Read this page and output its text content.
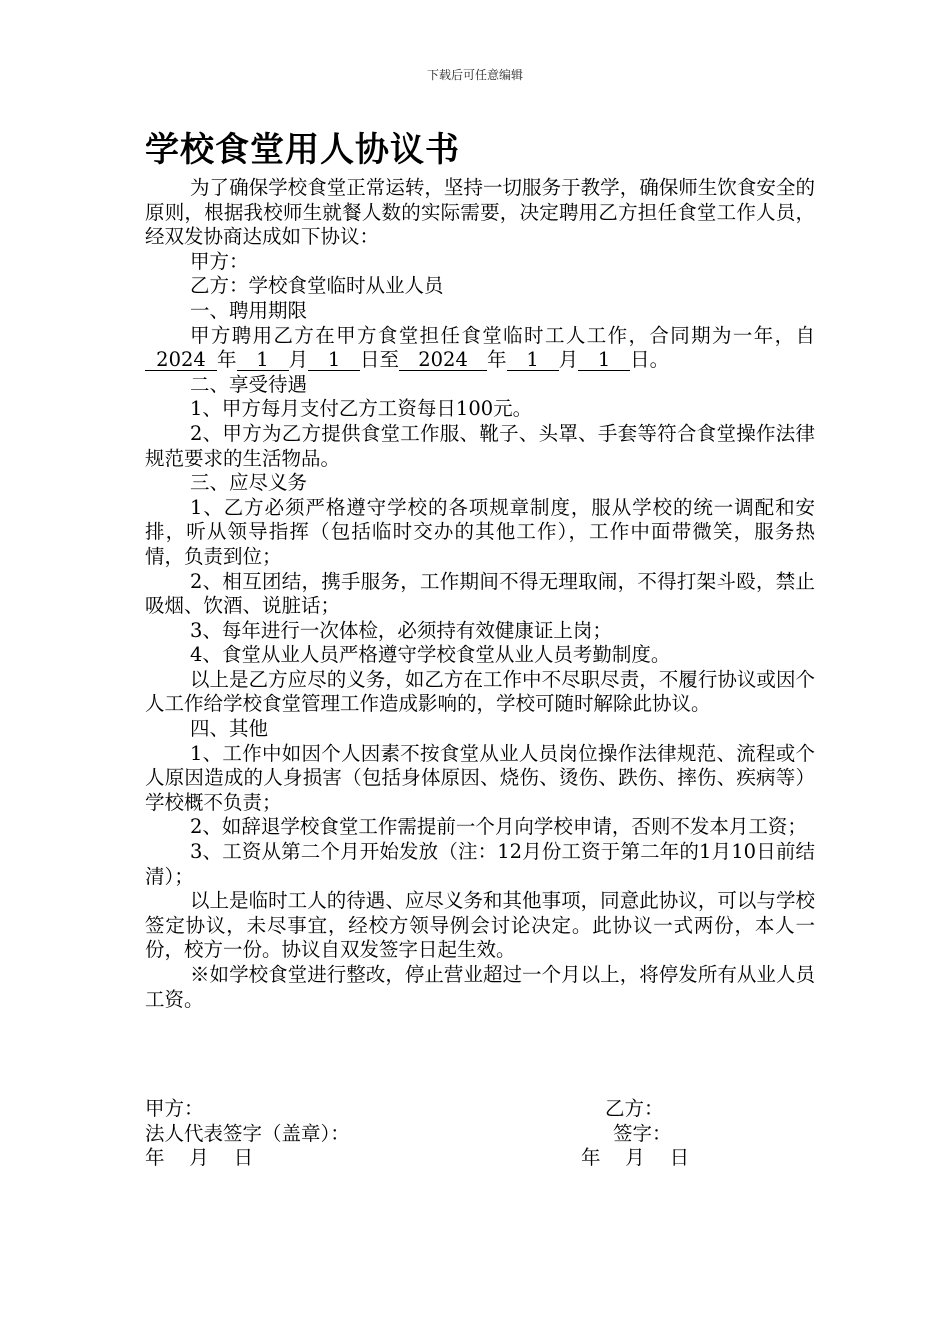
下载后可任意编辑
学校食堂用人协议书

为了确保学校食堂正常运转，坚持一切服务于教学，确保师生饮食安全的原则，根据我校师生就餐人数的实际需要，决定聘用乙方担任食堂工作人员，经双发协商达成如下协议：

甲方：

乙方：学校食堂临时从业人员

一、聘用期限

甲方聘用乙方在甲方食堂担任食堂临时工人工作，合同期为一年，自2024 年 1 月 1 日至 2024 年 1 月 1 日。

二、享受待遇

1、甲方每月支付乙方工资每日100元。

2、甲方为乙方提供食堂工作服、靴子、头罩、手套等符合食堂操作法律规范要求的生活物品。

三、应尽义务

1、乙方必须严格遵守学校的各项规章制度，服从学校的统一调配和安排，听从领导指挥（包括临时交办的其他工作），工作中面带微笑，服务热情，负责到位；

2、相互团结，携手服务，工作期间不得无理取闹，不得打架斗殴，禁止吸烟、饮酒、说脏话；

3、每年进行一次体检，必须持有效健康证上岗；

4、食堂从业人员严格遵守学校食堂从业人员考勤制度。

以上是乙方应尽的义务，如乙方在工作中不尽职尽责，不履行协议或因个人工作给学校食堂管理工作造成影响的，学校可随时解除此协议。

四、其他

1、工作中如因个人因素不按食堂从业人员岗位操作法律规范、流程或个人原因造成的人身损害（包括身体原因、烧伤、烫伤、跌伤、摔伤、疾病等）学校概不负责；

2、如辞退学校食堂工作需提前一个月向学校申请，否则不发本月工资；

3、工资从第二个月开始发放（注：12月份工资于第二年的1月10日前结清）；

以上是临时工人的待遇、应尽义务和其他事项，同意此协议，可以与学校签定协议，未尽事宜，经校方领导例会讨论决定。此协议一式两份，本人一份，校方一份。协议自双发签字日起生效。

※如学校食堂进行整改，停止营业超过一个月以上，将停发所有从业人员工资。

甲方：	乙方：
法人代表签字（盖章）：	签字：
年    月    日	年    月    日
